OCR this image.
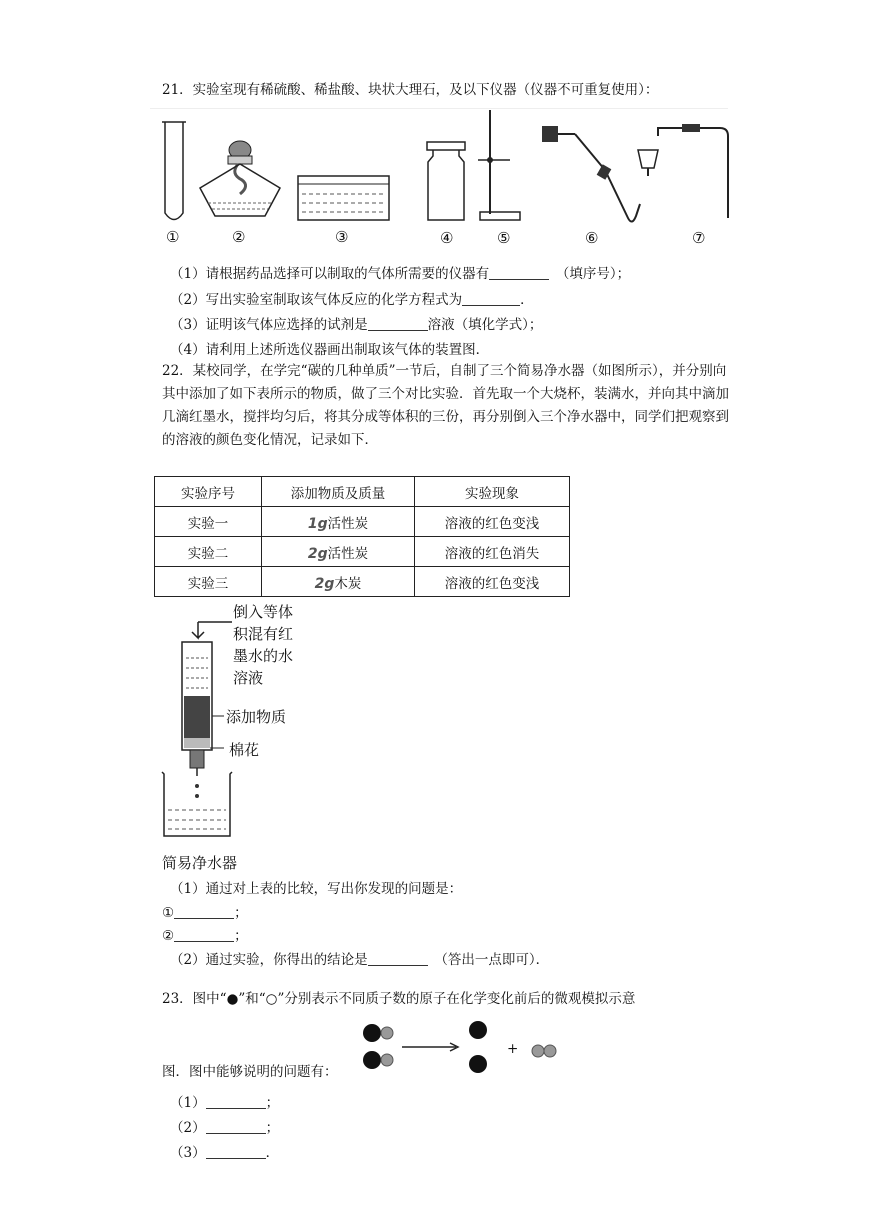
21．实验室现有稀硫酸、稀盐酸、块状大理石，及以下仪器（仪器不可重复使用）：
①	②	③	④	⑤	⑥	⑦
（1）请根据药品选择可以制取的气体所需要的仪器有	　（填序号）；
（2）写出实验室制取该气体反应的化学方程式为	．
（3）证明该气体应选择的试剂是	溶液（填化学式）；
（4）请利用上述所选仪器画出制取该气体的装置图．
22．某校同学，在学完“碳的几种单质”一节后，自制了三个简易净水器（如图所示），并分别向其中添加了如下表所示的物质，做了三个对比实验．首先取一个大烧杯，装满水，并向其中滴加几滴红墨水，搅拌均匀后，将其分成等体积的三份，再分别倒入三个净水器中，同学们把观察到的溶液的颜色变化情况，记录如下．
实验序号	添加物质及质量	实验现象
实验一	1g活性炭	溶液的红色变浅
实验二	2g活性炭	溶液的红色消失
实验三	2g木炭	溶液的红色变浅
倒入等体
积混有红
墨水的水
溶液
添加物质
棉花
简易净水器
（1）通过对上表的比较，写出你发现的问题是：
①	；
②	；
（2）通过实验，你得出的结论是	　（答出一点即可）．
23．图中“●”和“○”分别表示不同质子数的原子在化学变化前后的微观模拟示意
图．图中能够说明的问题有：
+
（1）	；
（2）	；
（3）	．
